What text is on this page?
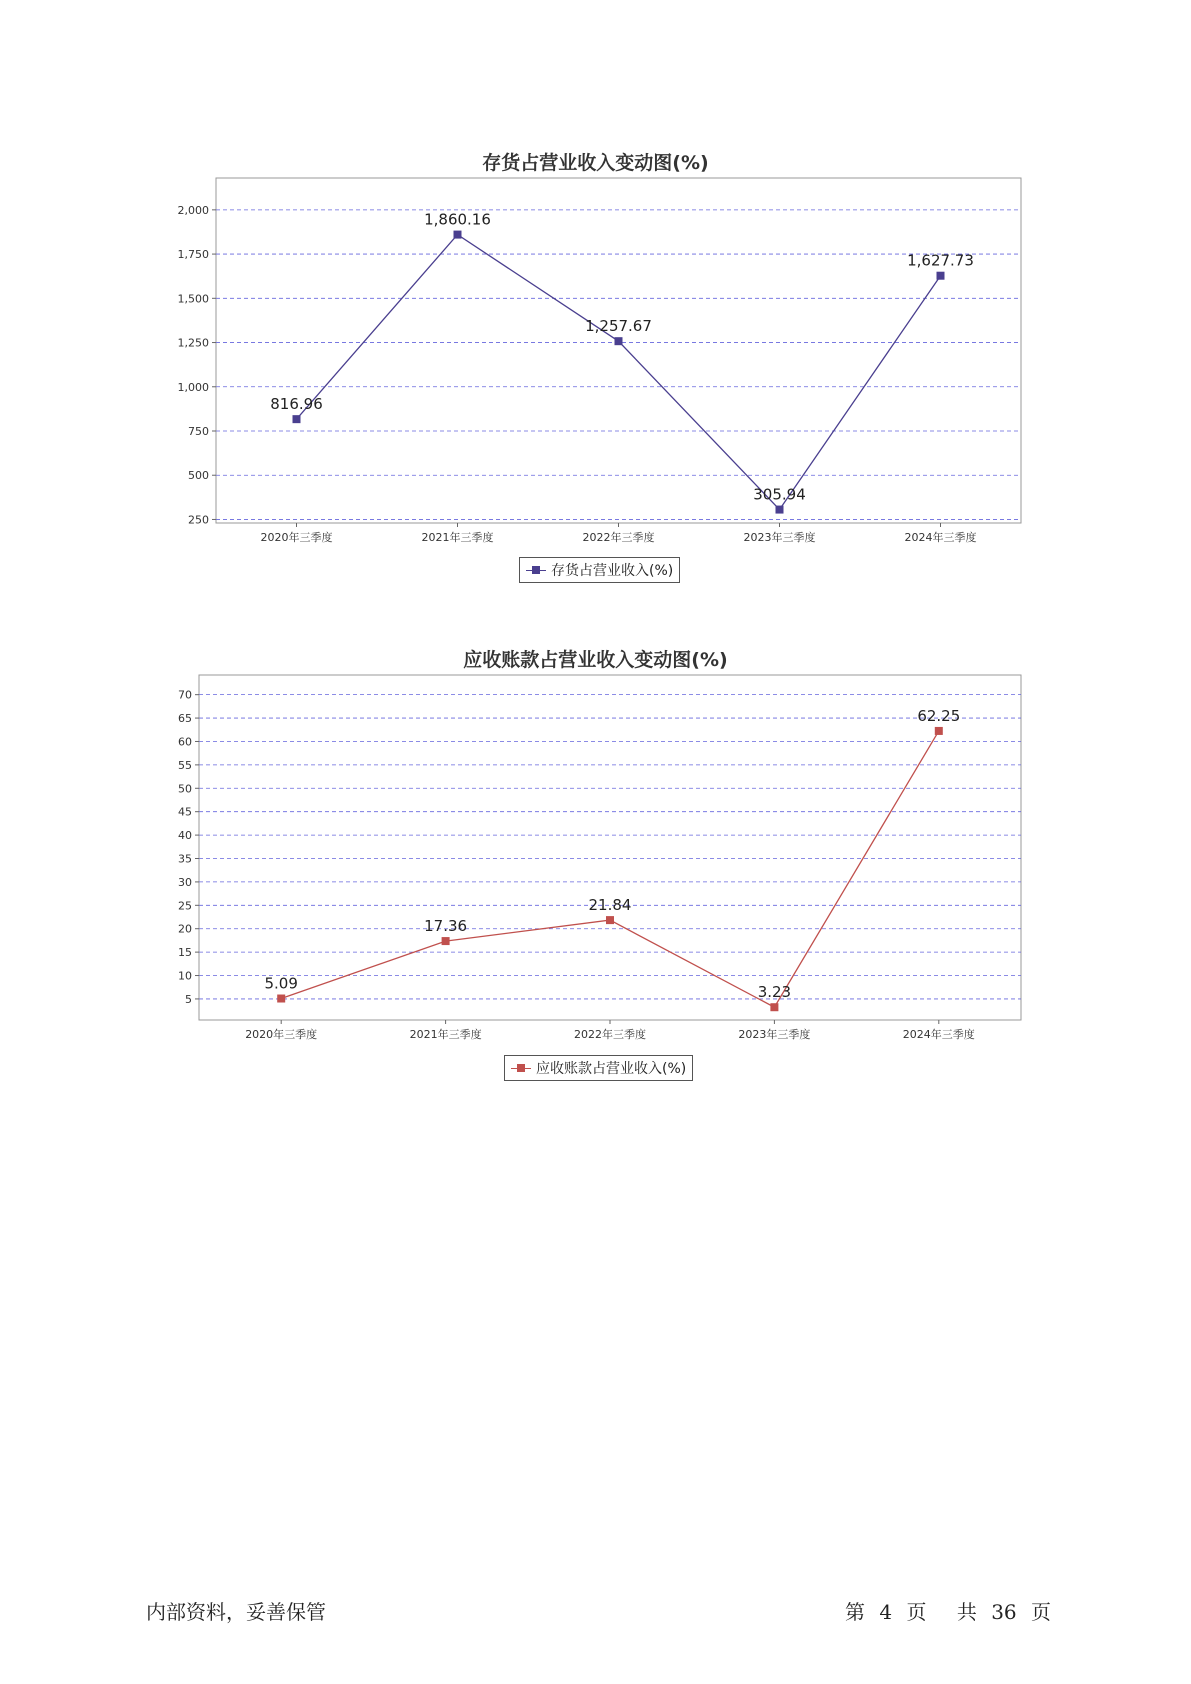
存货占营业收入变动图(%)
250
500
750
1,000
1,250
1,500
1,750
2,000
2020年三季度	2021年三季度	2022年三季度	2023年三季度	2024年三季度
816.96
1,860.16
1,257.67
305.94
1,627.73
存货占营业收入(%)
应收账款占营业收入变动图(%)
5
10
15
20
25
30
35
40
45
50
55
60
65
70
2020年三季度	2021年三季度	2022年三季度	2023年三季度	2024年三季度
5.09
17.36
21.84
3.23
62.25
应收账款占营业收入(%)
内部资料，妥善保管	第 4 页 共 36 页
